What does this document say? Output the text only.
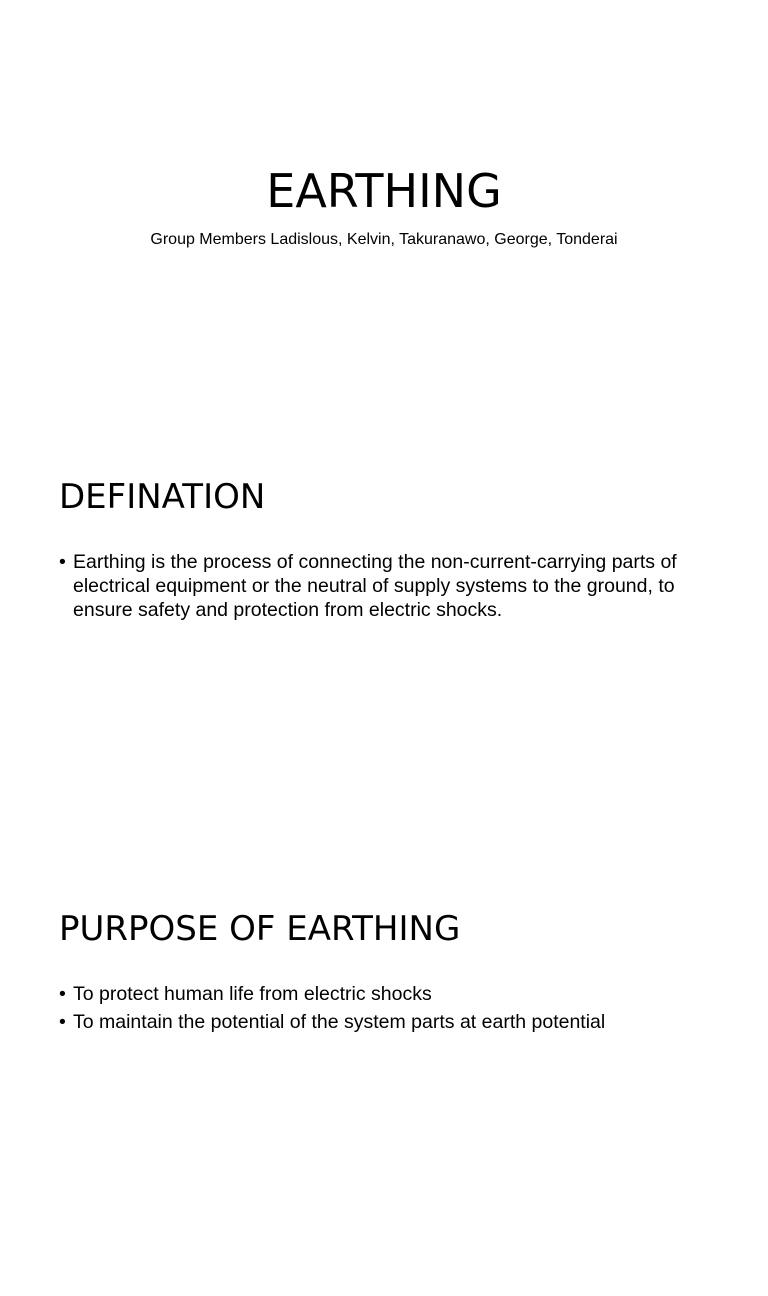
EARTHING

Group Members Ladislous, Kelvin, Takuranawo, George, Tonderai

DEFINATION
• Earthing is the process of connecting the non-current-carrying parts of electrical equipment or the neutral of supply systems to the ground, to ensure safety and protection from electric shocks.
PURPOSE OF EARTHING
• To protect human life from electric shocks
• To maintain the potential of the system parts at earth potential
